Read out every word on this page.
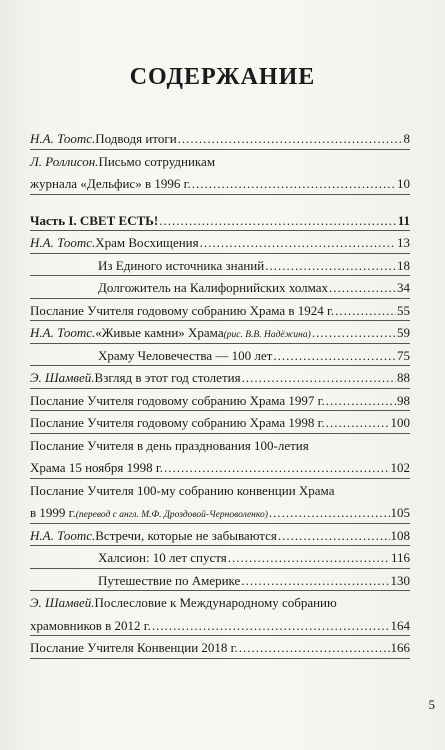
СОДЕРЖАНИЕ
Н.А. Тоотс. Подводя итоги .....	8
Л. Роллисон. Письмо сотрудникам
журнала «Дельфис» в 1996 г. .....	10
Часть I. СВЕТ ЕСТЬ! .....	11
Н.А. Тоотс. Храм Восхищения .....	13
Из Единого источника знаний .....	18
Долгожитель на Калифорнийских холмах .....	34
Послание Учителя годовому собранию Храма в 1924 г. .....	55
Н.А. Тоотс. «Живые камни» Храма (рис. В.В. Надёжина) .....	59
Храму Человечества — 100 лет .....	75
Э. Шамвей. Взгляд в этот год столетия .....	88
Послание Учителя годовому собранию Храма 1997 г. .....	98
Послание Учителя годовому собранию Храма 1998 г. .....	100
Послание Учителя в день празднования 100-летия
Храма 15 ноября 1998 г. .....	102
Послание Учителя 100-му собранию конвенции Храма
в 1999 г. (перевод с англ. М.Ф. Дроздовой-Черноволенко) .....	105
Н.А. Тоотс. Встречи, которые не забываются .....	108
Халсион: 10 лет спустя .....	116
Путешествие по Америке .....	130
Э. Шамвей. Послесловие к Международному собранию
храмовников в 2012 г. .....	164
Послание Учителя Конвенции 2018 г. .....	166
5
